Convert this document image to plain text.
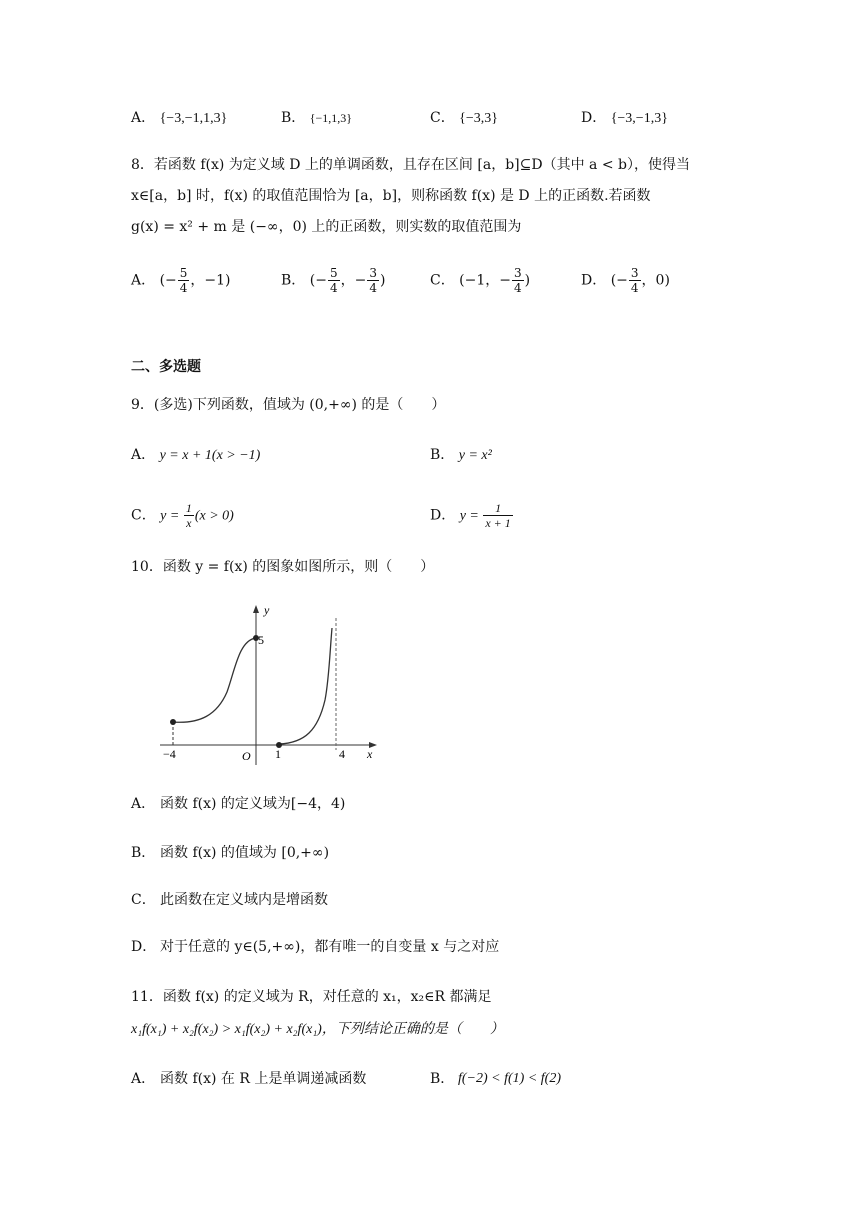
A． {−3,−1,1,3}	B． {−1,1,3}	C． {−3,3}	D． {−3,−1,3}
8．若函数 f(x) 为定义域 D 上的单调函数，且存在区间 [a，b]⊆D（其中 a < b），使得当
x∈[a，b] 时，f(x) 的取值范围恰为 [a，b]，则称函数 f(x) 是 D 上的正函数.若函数
g(x) = x² + m 是 (−∞，0) 上的正函数，则实数的取值范围为
A． (− $\frac{5}{4}$ ，−1)	B． (− $\frac{5}{4}$ ，− $\frac{3}{4}$ )	C． (−1，− $\frac{3}{4}$ )	D． (− $\frac{3}{4}$ ，0)
二、多选题
9．(多选)下列函数，值域为 (0,+∞) 的是（　　）
A． y = x + 1(x > −1)	B． y = x²
C． $y = \frac{1}{x} (x > 0)$	D． $y = \frac{1}{x + 1}$
10．函数 y = f(x) 的图象如图所示，则（　　）
y
x
O
−4	1	4
5
A． 函数 f(x) 的定义域为[−4，4)
B． 函数 f(x) 的值域为 [0,+∞)
C． 此函数在定义域内是增函数
D． 对于任意的 y∈(5,+∞)，都有唯一的自变量 x 与之对应
11．函数 f(x) 的定义域为 R，对任意的 x₁，x₂∈R 都满足
x₁f(x₁) + x₂f(x₂) > x₁f(x₂) + x₂f(x₁)，下列结论正确的是（　　）
A． 函数 f(x) 在 R 上是单调递减函数	B． f(−2) < f(1) < f(2)
